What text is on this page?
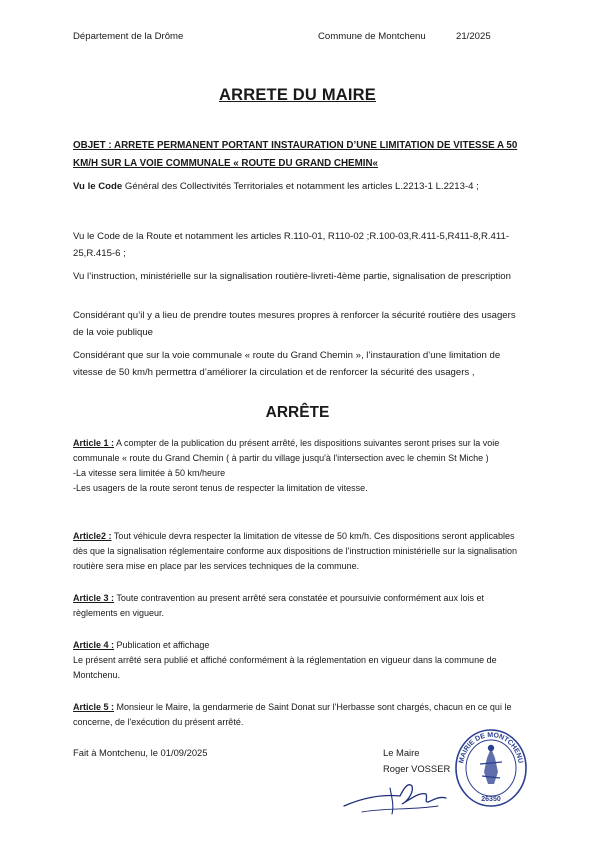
Département de la Drôme	Commune de Montchenu	21/2025
ARRETE DU MAIRE
OBJET : ARRETE PERMANENT PORTANT INSTAURATION D’UNE LIMITATION DE VITESSE A 50 KM/H SUR LA VOIE COMMUNALE « ROUTE DU GRAND CHEMIN«
Vu le Code Général des Collectivités Territoriales et notamment les articles L.2213-1 L.2213-4 ;
Vu le Code de la Route et notamment les articles R.110-01, R110-02 ;R.100-03,R.411-5,R411-8,R.411-25,R.415-6 ;
Vu l’instruction, ministérielle sur la signalisation routière-livreti-4ème partie, signalisation de prescription
Considérant qu’il y a lieu de prendre toutes mesures propres à renforcer la sécurité routière des usagers de la voie publique
Considérant que sur la voie communale « route du Grand Chemin », l’instauration d’une limitation de vitesse de 50 km/h permettra d’améliorer la circulation et de renforcer la sécurité des usagers ,
ARRÊTE
Article 1 : A compter de la publication du présent arrêté, les dispositions suivantes seront prises sur la voie communale « route du Grand Chemin ( à partir du village jusqu'à l'intersection avec le chemin St Miche )
-La vitesse sera limitée à 50 km/heure
-Les usagers de la route seront tenus de respecter la limitation de vitesse.
Article2 : Tout véhicule devra respecter la limitation de vitesse de 50 km/h. Ces dispositions seront applicables dès que la signalisation réglementaire conforme aux dispositions de l'instruction ministérielle sur la signalisation routière sera mise en place par les services techniques de la commune.
Article 3 : Toute contravention au present arrêté sera constatée et poursuivie conformément aux lois et règlements en vigueur.
Article 4 : Publication et affichage
Le présent arrêté sera publié et affiché conformément à la réglementation en vigueur dans la commune de Montchenu.
Article 5 : Monsieur le Maire, la gendarmerie de Saint Donat sur l'Herbasse sont chargés, chacun en ce qui le concerne, de l'exécution du présent arrêté.
Fait à Montchenu, le 01/09/2025	Le Maire
Roger VOSSER
MAIRIE DE MONTCHENU
26350
